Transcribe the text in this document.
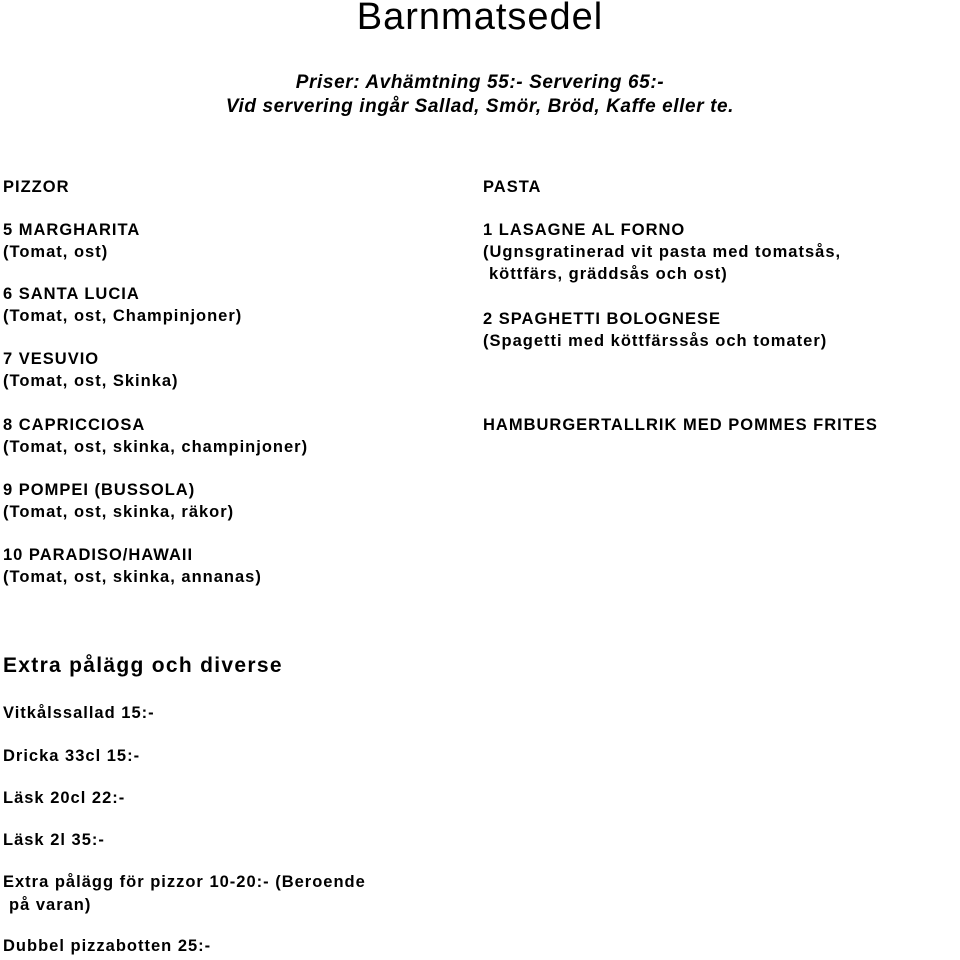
Barnmatsedel
Priser: Avhämtning 55:- Servering 65:-
Vid servering ingår Sallad, Smör, Bröd, Kaffe eller te.
PIZZOR
5 MARGHARITA
(Tomat, ost)
6 SANTA LUCIA
(Tomat, ost, Champinjoner)
7 VESUVIO
(Tomat, ost, Skinka)
8 CAPRICCIOSA
(Tomat, ost, skinka, champinjoner)
9 POMPEI (BUSSOLA)
(Tomat, ost, skinka, räkor)
10 PARADISO/HAWAII
(Tomat, ost, skinka, annanas)
PASTA
1 LASAGNE AL FORNO
(Ugnsgratinerad vit pasta med tomatsås,
köttfärs, gräddsås och ost)
2 SPAGHETTI BOLOGNESE
(Spagetti med köttfärssås och tomater)
HAMBURGERTALLRIK MED POMMES FRITES
Extra pålägg och diverse
Vitkålssallad 15:-
Dricka 33cl 15:-
Läsk 20cl 22:-
Läsk 2l 35:-
Extra pålägg för pizzor 10-20:- (Beroende
på varan)
Dubbel pizzabotten 25:-
